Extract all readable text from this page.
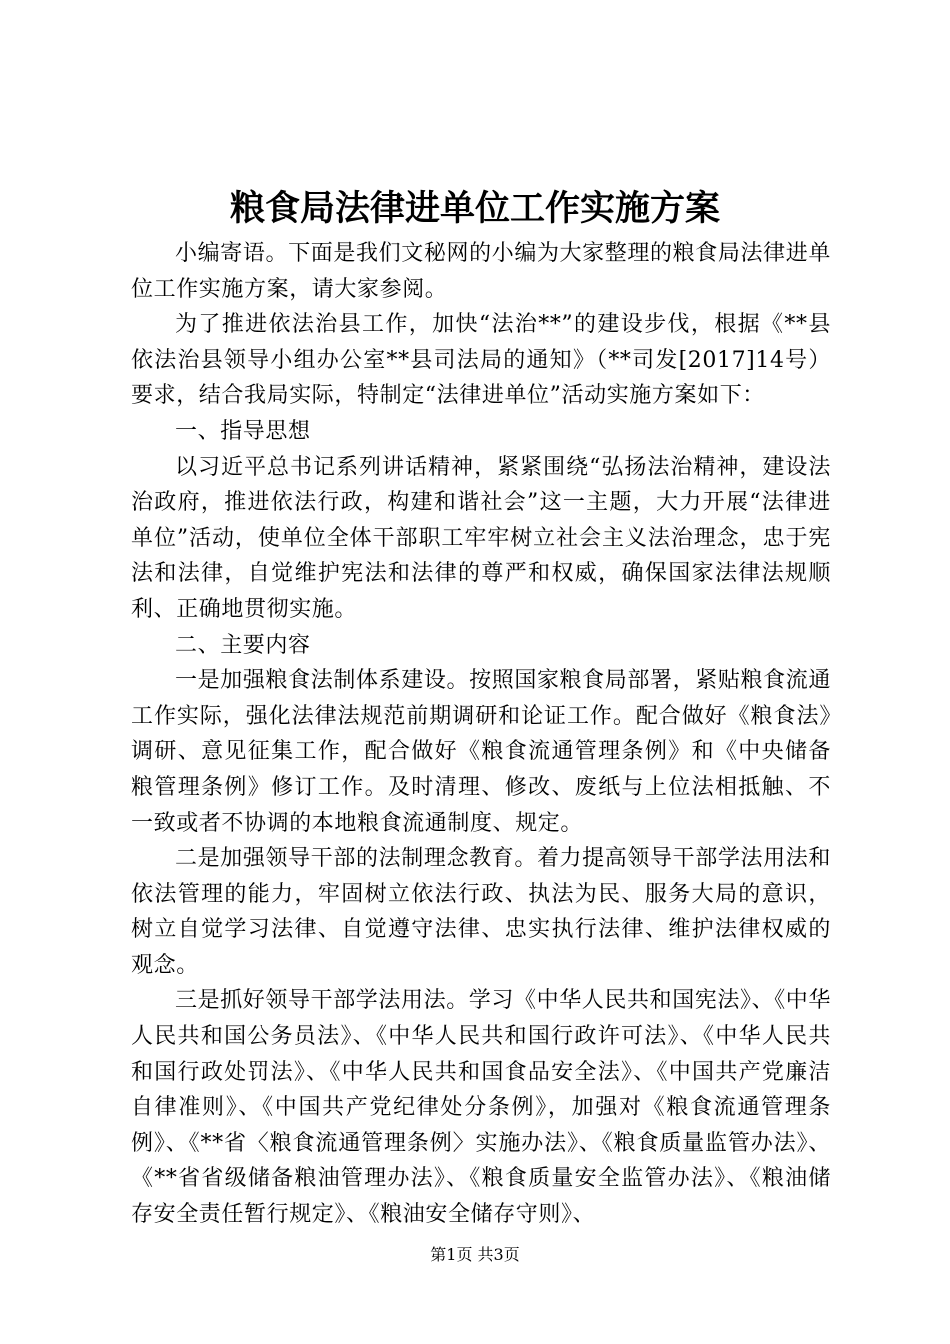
粮食局法律进单位工作实施方案

小编寄语。下面是我们文秘网的小编为大家整理的粮食局法律进单位工作实施方案，请大家参阅。

为了推进依法治县工作，加快“法治**”的建设步伐，根据《**县依法治县领导小组办公室**县司法局的通知》（**司发[2017]14号）要求，结合我局实际，特制定“法律进单位”活动实施方案如下：

一、指导思想

以习近平总书记系列讲话精神，紧紧围绕“弘扬法治精神，建设法治政府，推进依法行政，构建和谐社会”这一主题，大力开展“法律进单位”活动，使单位全体干部职工牢牢树立社会主义法治理念，忠于宪法和法律，自觉维护宪法和法律的尊严和权威，确保国家法律法规顺利、正确地贯彻实施。

二、主要内容

一是加强粮食法制体系建设。按照国家粮食局部署，紧贴粮食流通工作实际，强化法律法规范前期调研和论证工作。配合做好《粮食法》调研、意见征集工作，配合做好《粮食流通管理条例》和《中央储备粮管理条例》修订工作。及时清理、修改、废纸与上位法相抵触、不一致或者不协调的本地粮食流通制度、规定。

二是加强领导干部的法制理念教育。着力提高领导干部学法用法和依法管理的能力，牢固树立依法行政、执法为民、服务大局的意识，树立自觉学习法律、自觉遵守法律、忠实执行法律、维护法律权威的观念。

三是抓好领导干部学法用法。学习《中华人民共和国宪法》、《中华人民共和国公务员法》、《中华人民共和国行政许可法》、《中华人民共和国行政处罚法》、《中华人民共和国食品安全法》、《中国共产党廉洁自律准则》、《中国共产党纪律处分条例》，加强对《粮食流通管理条例》、《**省〈粮食流通管理条例〉实施办法》、《粮食质量监管办法》、《**省省级储备粮油管理办法》、《粮食质量安全监管办法》、《粮油储存安全责任暂行规定》、《粮油安全储存守则》、

第1页 共3页
